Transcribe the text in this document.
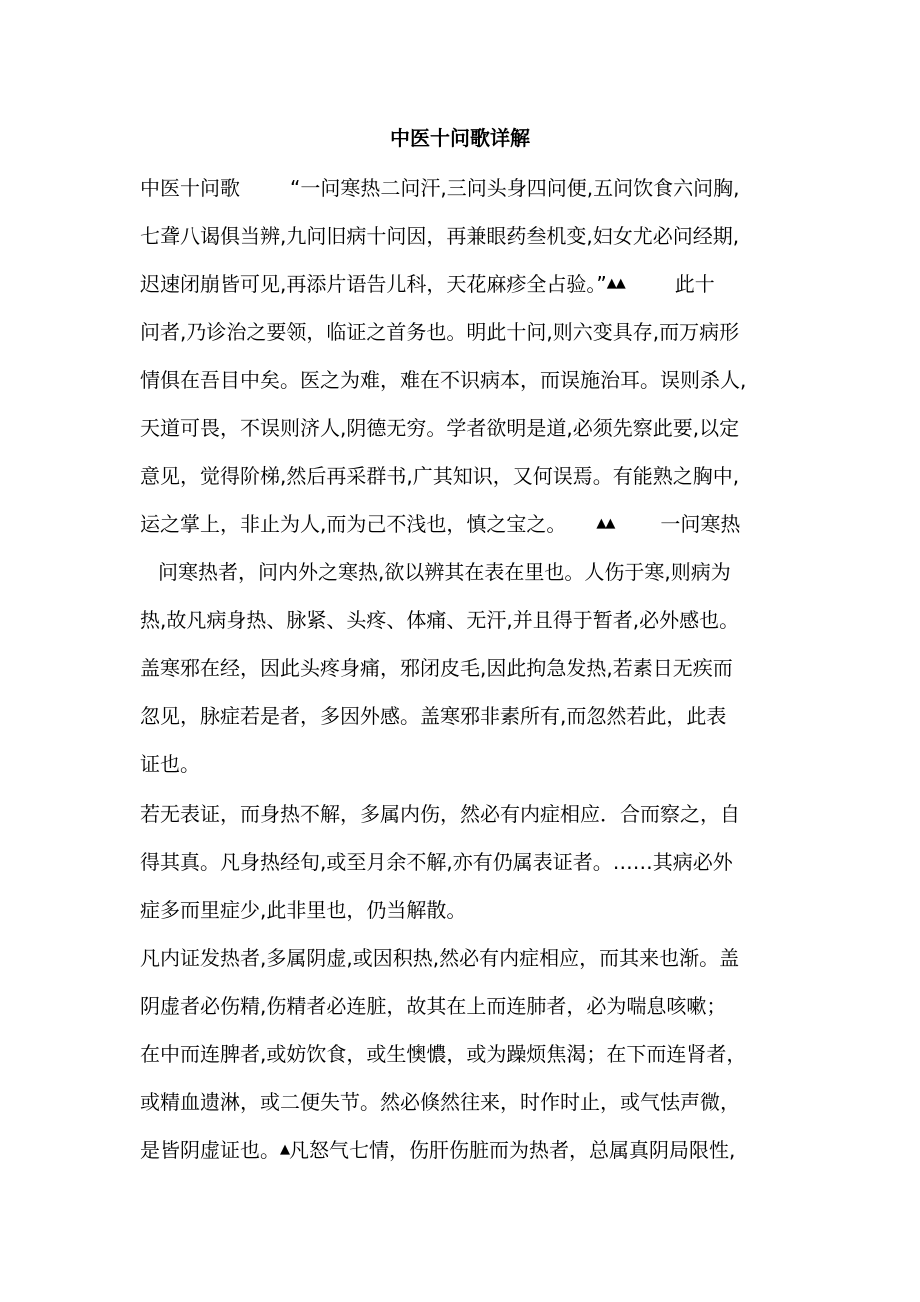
中医十问歌详解
中医十问歌	“一问寒热二问汗,三问头身四问便,五问饮食六问胸,
七聋八谒俱当辨,九问旧病十问因，再兼眼药叁机变,妇女尤必问经期,
迟速闭崩皆可见,再添片语告儿科，天花麻疹全占验。”▲▲	此十
问者,乃诊治之要领，临证之首务也。明此十问,则六变具存,而万病形
情俱在吾目中矣。医之为难，难在不识病本，而误施治耳。误则杀人,
天道可畏，不误则济人,阴德无穷。学者欲明是道,必须先察此要,以定
意见，觉得阶梯,然后再采群书,广其知识，又何误焉。有能熟之胸中,
运之掌上，非止为人,而为己不浅也，慎之宝之。 ▲▲ 一问寒热
问寒热者，问内外之寒热,欲以辨其在表在里也。人伤于寒,则病为
热,故凡病身热、脉紧、头疼、体痛、无汗,并且得于暂者,必外感也。
盖寒邪在经，因此头疼身痛，邪闭皮毛,因此拘急发热,若素日无疾而
忽见，脉症若是者，多因外感。盖寒邪非素所有,而忽然若此，此表
证也。
若无表证，而身热不解，多属内伤，然必有内症相应．合而察之，自
得其真。凡身热经旬,或至月余不解,亦有仍属表证者。……其病必外
症多而里症少,此非里也，仍当解散。
凡内证发热者,多属阴虚,或因积热,然必有内症相应，而其来也渐。盖
阴虚者必伤精,伤精者必连脏，故其在上而连肺者，必为喘息咳嗽；
在中而连脾者,或妨饮食，或生懊憹，或为躁烦焦渴；在下而连肾者，
或精血遗淋，或二便失节。然必倏然往来，时作时止，或气怯声微，
是皆阴虚证也。▲凡怒气七情，伤肝伤脏而为热者，总属真阴局限性,
